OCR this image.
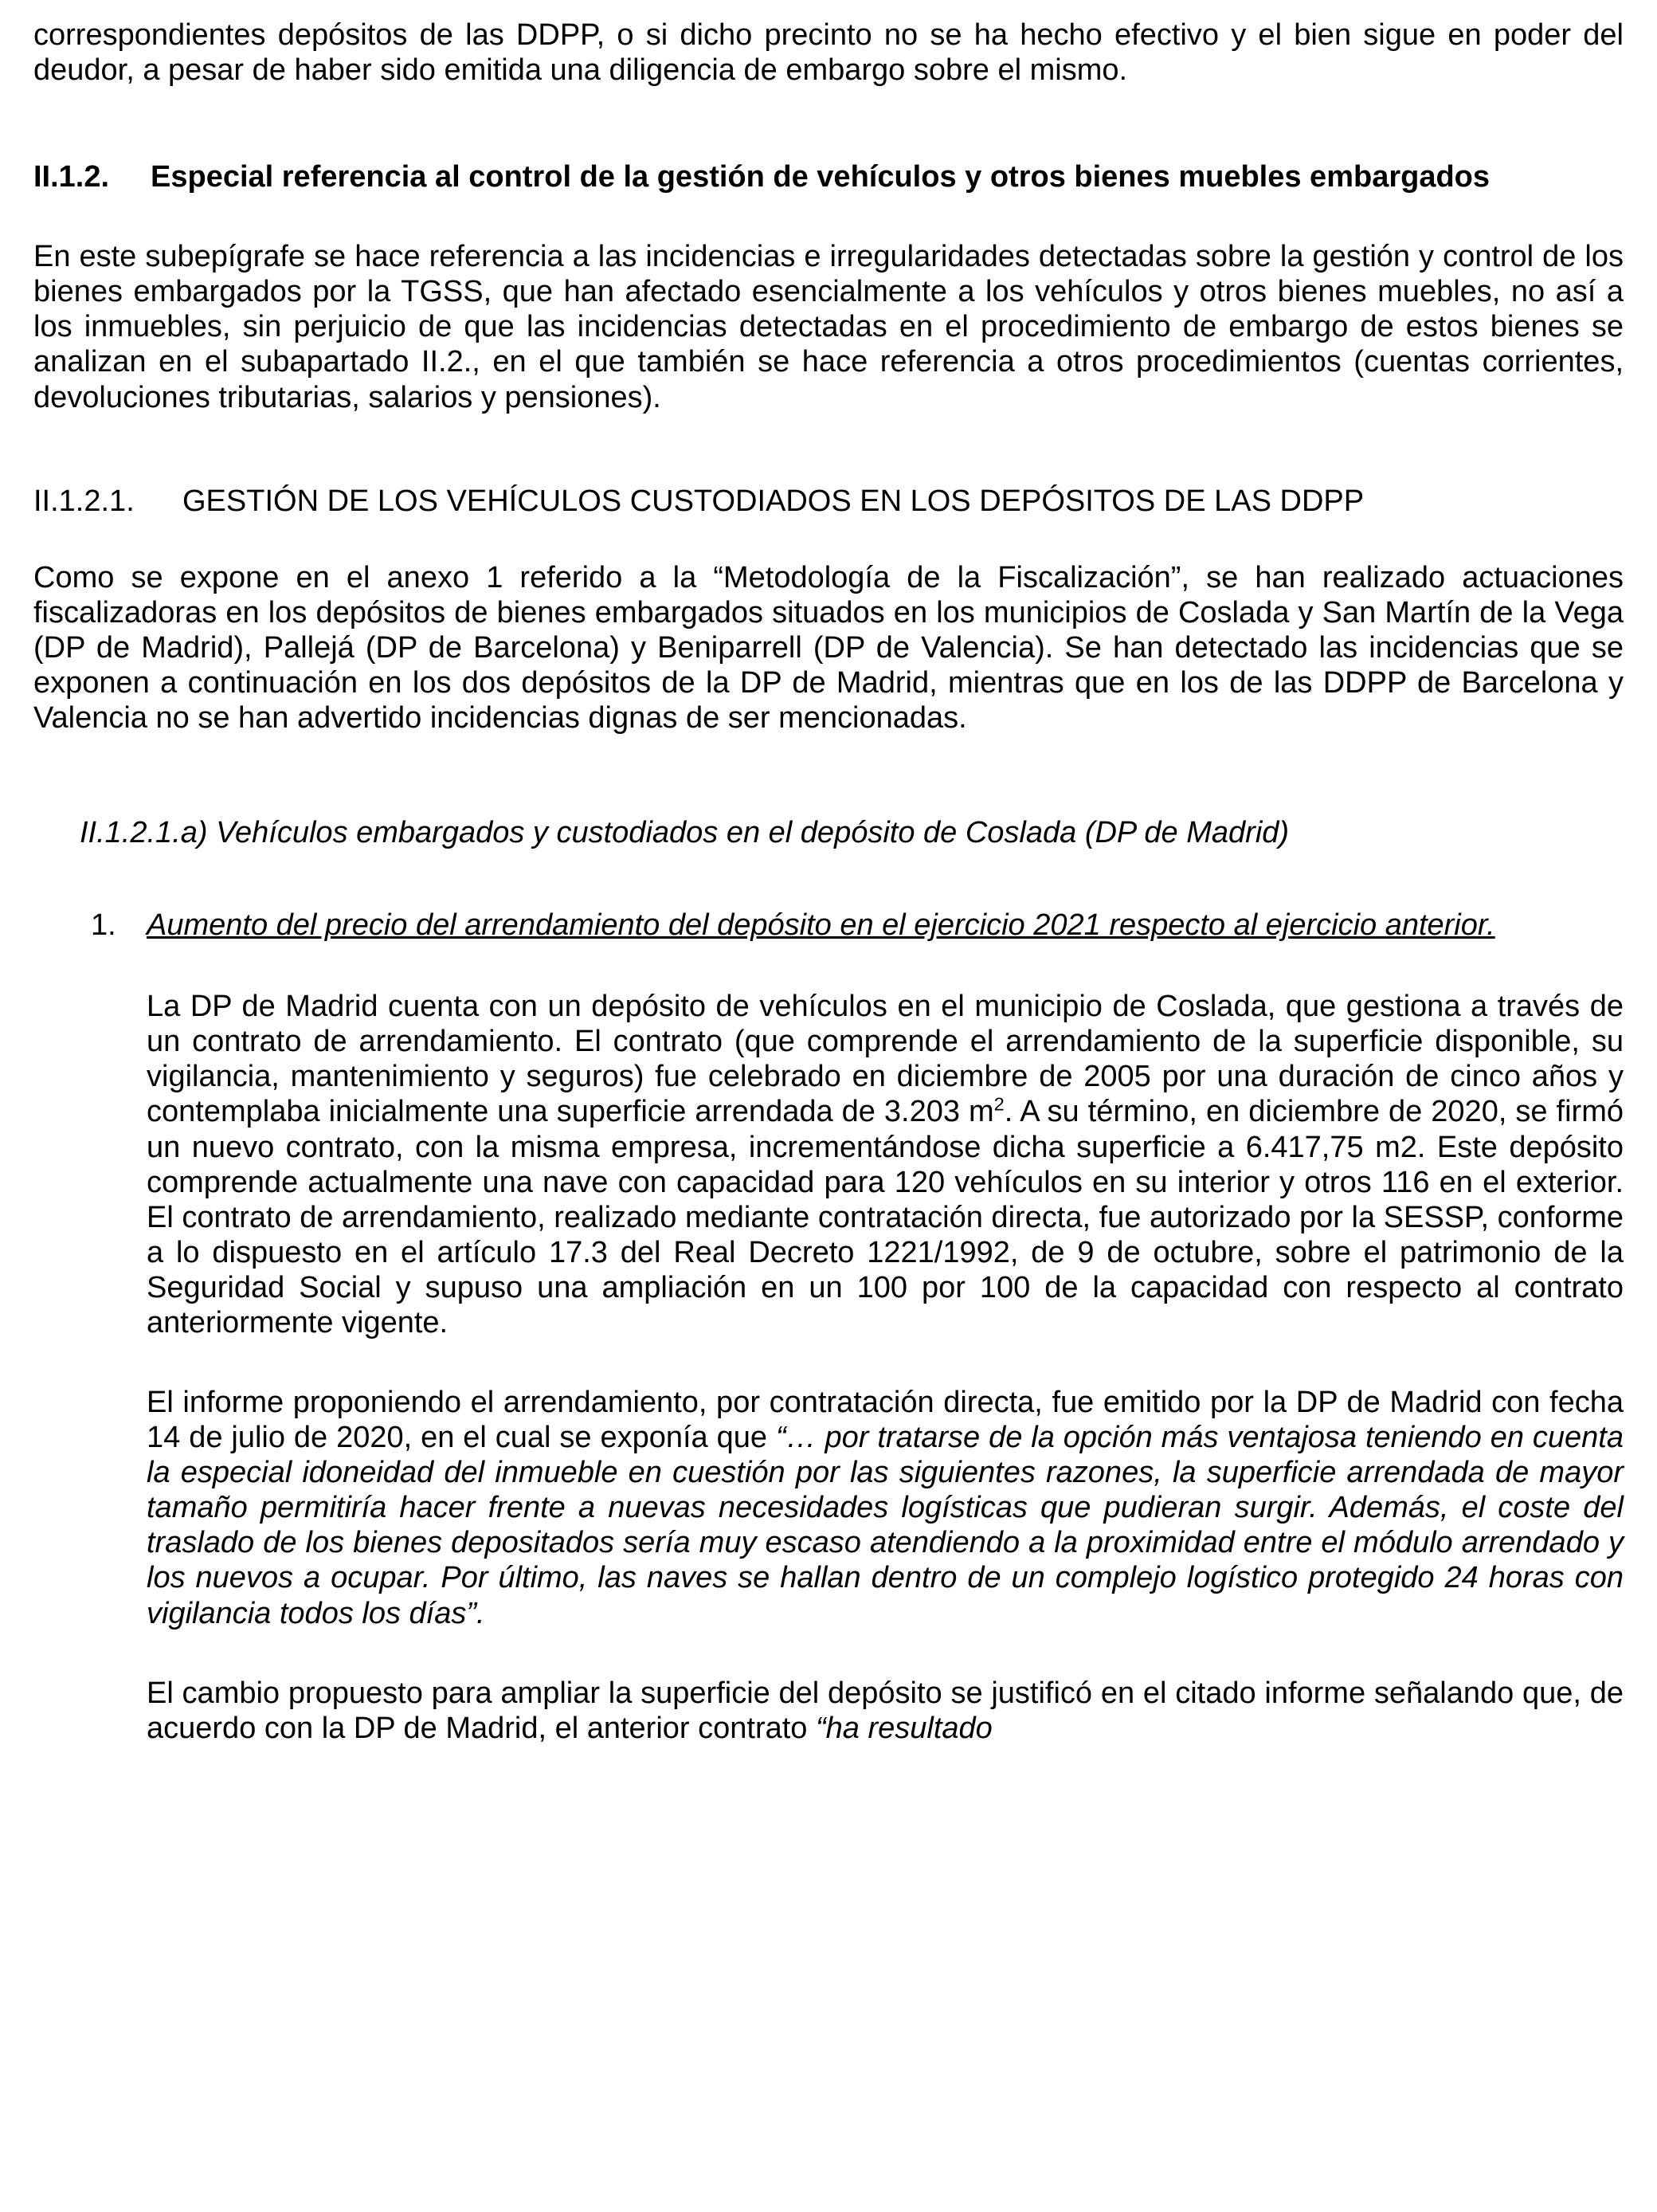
correspondientes depósitos de las DDPP, o si dicho precinto no se ha hecho efectivo y el bien sigue en poder del deudor, a pesar de haber sido emitida una diligencia de embargo sobre el mismo.

II.1.2.	Especial referencia al control de la gestión de vehículos y otros bienes muebles embargados

En este subepígrafe se hace referencia a las incidencias e irregularidades detectadas sobre la gestión y control de los bienes embargados por la TGSS, que han afectado esencialmente a los vehículos y otros bienes muebles, no así a los inmuebles, sin perjuicio de que las incidencias detectadas en el procedimiento de embargo de estos bienes se analizan en el subapartado II.2., en el que también se hace referencia a otros procedimientos (cuentas corrientes, devoluciones tributarias, salarios y pensiones).

II.1.2.1.	GESTIÓN DE LOS VEHÍCULOS CUSTODIADOS EN LOS DEPÓSITOS DE LAS DDPP

Como se expone en el anexo 1 referido a la “Metodología de la Fiscalización”, se han realizado actuaciones fiscalizadoras en los depósitos de bienes embargados situados en los municipios de Coslada y San Martín de la Vega (DP de Madrid), Pallejá (DP de Barcelona) y Beniparrell (DP de Valencia). Se han detectado las incidencias que se exponen a continuación en los dos depósitos de la DP de Madrid, mientras que en los de las DDPP de Barcelona y Valencia no se han advertido incidencias dignas de ser mencionadas.

II.1.2.1.a) Vehículos embargados y custodiados en el depósito de Coslada (DP de Madrid)

1.	Aumento del precio del arrendamiento del depósito en el ejercicio 2021 respecto al ejercicio anterior.

La DP de Madrid cuenta con un depósito de vehículos en el municipio de Coslada, que gestiona a través de un contrato de arrendamiento. El contrato (que comprende el arrendamiento de la superficie disponible, su vigilancia, mantenimiento y seguros) fue celebrado en diciembre de 2005 por una duración de cinco años y contemplaba inicialmente una superficie arrendada de 3.203 $m^2$. A su término, en diciembre de 2020, se firmó un nuevo contrato, con la misma empresa, incrementándose dicha superficie a 6.417,75 m2. Este depósito comprende actualmente una nave con capacidad para 120 vehículos en su interior y otros 116 en el exterior. El contrato de arrendamiento, realizado mediante contratación directa, fue autorizado por la SESSP, conforme a lo dispuesto en el artículo 17.3 del Real Decreto 1221/1992, de 9 de octubre, sobre el patrimonio de la Seguridad Social y supuso una ampliación en un 100 por 100 de la capacidad con respecto al contrato anteriormente vigente.

El informe proponiendo el arrendamiento, por contratación directa, fue emitido por la DP de Madrid con fecha 14 de julio de 2020, en el cual se exponía que “… por tratarse de la opción más ventajosa teniendo en cuenta la especial idoneidad del inmueble en cuestión por las siguientes razones, la superficie arrendada de mayor tamaño permitiría hacer frente a nuevas necesidades logísticas que pudieran surgir. Además, el coste del traslado de los bienes depositados sería muy escaso atendiendo a la proximidad entre el módulo arrendado y los nuevos a ocupar. Por último, las naves se hallan dentro de un complejo logístico protegido 24 horas con vigilancia todos los días”.

El cambio propuesto para ampliar la superficie del depósito se justificó en el citado informe señalando que, de acuerdo con la DP de Madrid, el anterior contrato “ha resultado
